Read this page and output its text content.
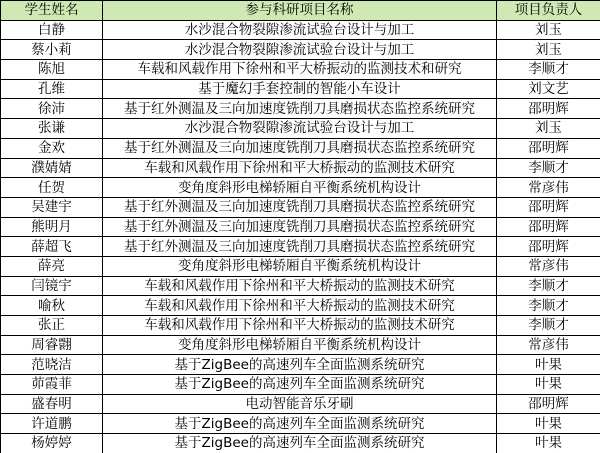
学生姓名	参与科研项目名称	项目负责人
白静	水沙混合物裂隙渗流试验台设计与加工	刘玉
蔡小莉	水沙混合物裂隙渗流试验台设计与加工	刘玉
陈旭	车载和风载作用下徐州和平大桥振动的监测技术和研究	李顺才
孔维	基于魔幻手套控制的智能小车设计	刘文艺
徐沛	基于红外测温及三向加速度铣削刀具磨损状态监控系统研究	邵明辉
张谦	水沙混合物裂隙渗流试验台设计与加工	刘玉
金欢	基于红外测温及三向加速度铣削刀具磨损状态监控系统研究	邵明辉
濮婧婧	车载和风载作用下徐州和平大桥振动的监测技术研究	李顺才
任贺	变角度斜形电梯轿厢自平衡系统机构设计	常彦伟
吴建宇	基于红外测温及三向加速度铣削刀具磨损状态监控系统研究	邵明辉
熊明月	基于红外测温及三向加速度铣削刀具磨损状态监控系统研究	邵明辉
薛超飞	基于红外测温及三向加速度铣削刀具磨损状态监控系统研究	邵明辉
薛亮	变角度斜形电梯轿厢自平衡系统机构设计	常彦伟
闫镜宇	车载和风载作用下徐州和平大桥振动的监测技术研究	李顺才
喻秋	车载和风载作用下徐州和平大桥振动的监测技术研究	李顺才
张正	车载和风载作用下徐州和平大桥振动的监测技术研究	李顺才
周睿翾	变角度斜形电梯轿厢自平衡系统机构设计	常彦伟
范晓洁	基于ZigBee的高速列车全面监测系统研究	叶果
茆霞菲	基于ZigBee的高速列车全面监测系统研究	叶果
盛春明	电动智能音乐牙刷	邵明辉
许道鹏	基于ZigBee的高速列车全面监测系统研究	叶果
杨婷婷	基于ZigBee的高速列车全面监测系统研究	叶果
